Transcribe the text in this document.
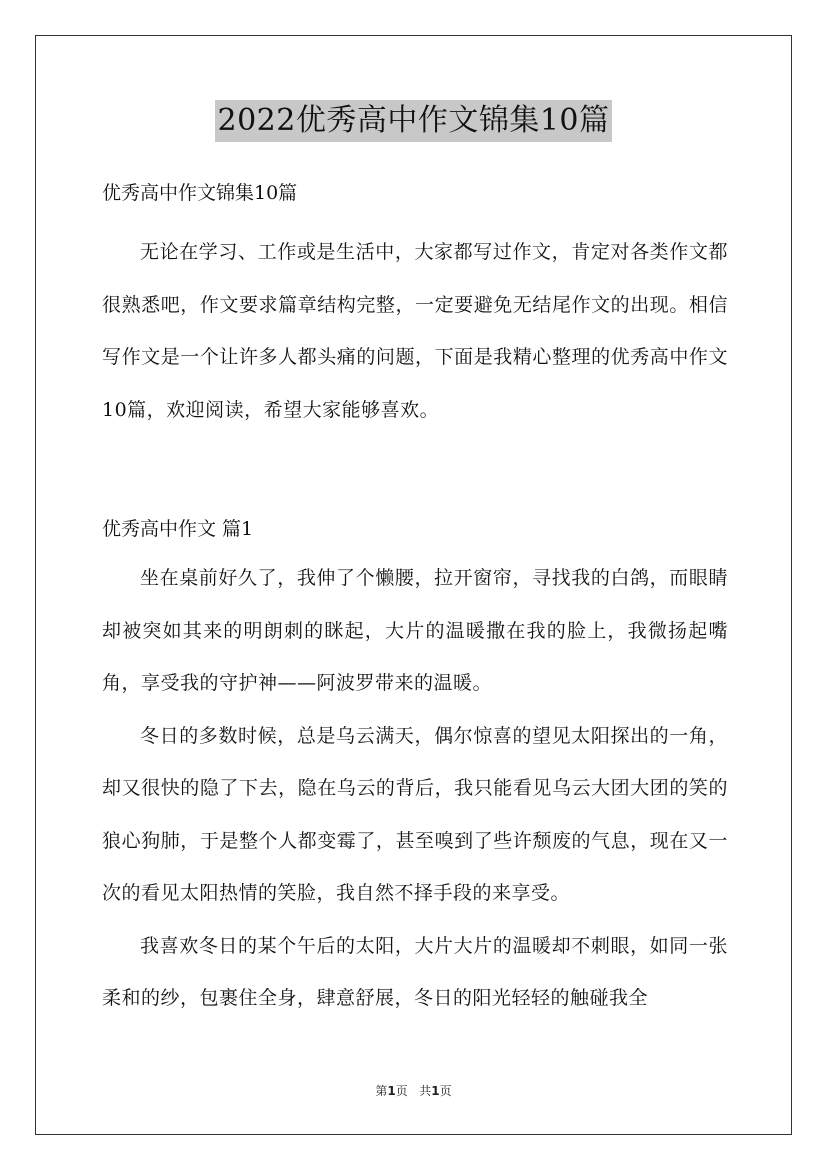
2022优秀高中作文锦集10篇

优秀高中作文锦集10篇

无论在学习、工作或是生活中，大家都写过作文，肯定对各类作文都很熟悉吧，作文要求篇章结构完整，一定要避免无结尾作文的出现。相信写作文是一个让许多人都头痛的问题，下面是我精心整理的优秀高中作文10篇，欢迎阅读，希望大家能够喜欢。

优秀高中作文 篇1

坐在桌前好久了，我伸了个懒腰，拉开窗帘，寻找我的白鸽，而眼睛却被突如其来的明朗刺的眯起，大片的温暖撒在我的脸上，我微扬起嘴角，享受我的守护神——阿波罗带来的温暖。

冬日的多数时候，总是乌云满天，偶尔惊喜的望见太阳探出的一角，却又很快的隐了下去，隐在乌云的背后，我只能看见乌云大团大团的笑的狼心狗肺，于是整个人都变霉了，甚至嗅到了些许颓废的气息，现在又一次的看见太阳热情的笑脸，我自然不择手段的来享受。

我喜欢冬日的某个午后的太阳，大片大片的温暖却不刺眼，如同一张柔和的纱，包裹住全身，肆意舒展，冬日的阳光轻轻的触碰我全

第1页 共1页
